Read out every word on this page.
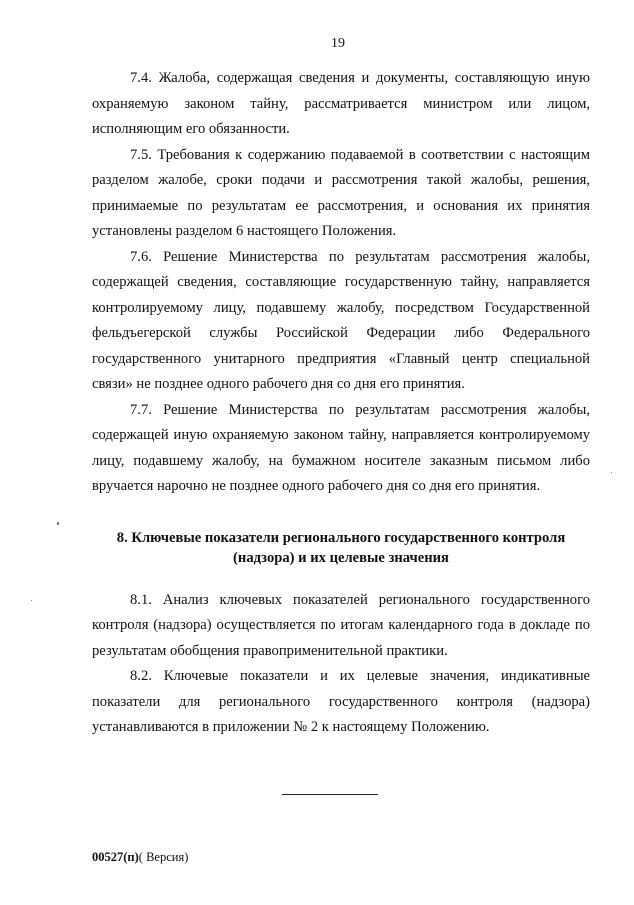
19

7.4. Жалоба, содержащая сведения и документы, составляющую иную охраняемую законом тайну, рассматривается министром или лицом, исполняющим его обязанности.

7.5. Требования к содержанию подаваемой в соответствии с настоящим разделом жалобе, сроки подачи и рассмотрения такой жалобы, решения, принимаемые по результатам ее рассмотрения, и основания их принятия установлены разделом 6 настоящего Положения.

7.6. Решение Министерства по результатам рассмотрения жалобы, содержащей сведения, составляющие государственную тайну, направляется контролируемому лицу, подавшему жалобу, посредством Государственной фельдъегерской службы Российской Федерации либо Федерального государственного унитарного предприятия «Главный центр специальной связи» не позднее одного рабочего дня со дня его принятия.

7.7. Решение Министерства по результатам рассмотрения жалобы, содержащей иную охраняемую законом тайну, направляется контролируемому лицу, подавшему жалобу, на бумажном носителе заказным письмом либо вручается нарочно не позднее одного рабочего дня со дня его принятия.

8. Ключевые показатели регионального государственного контроля
(надзора) и их целевые значения

8.1. Анализ ключевых показателей регионального государственного контроля (надзора) осуществляется по итогам календарного года в докладе по результатам обобщения правоприменительной практики.

8.2. Ключевые показатели и их целевые значения, индикативные показатели для регионального государственного контроля (надзора) устанавливаются в приложении № 2 к настоящему Положению.

00527(п)( Версия)
